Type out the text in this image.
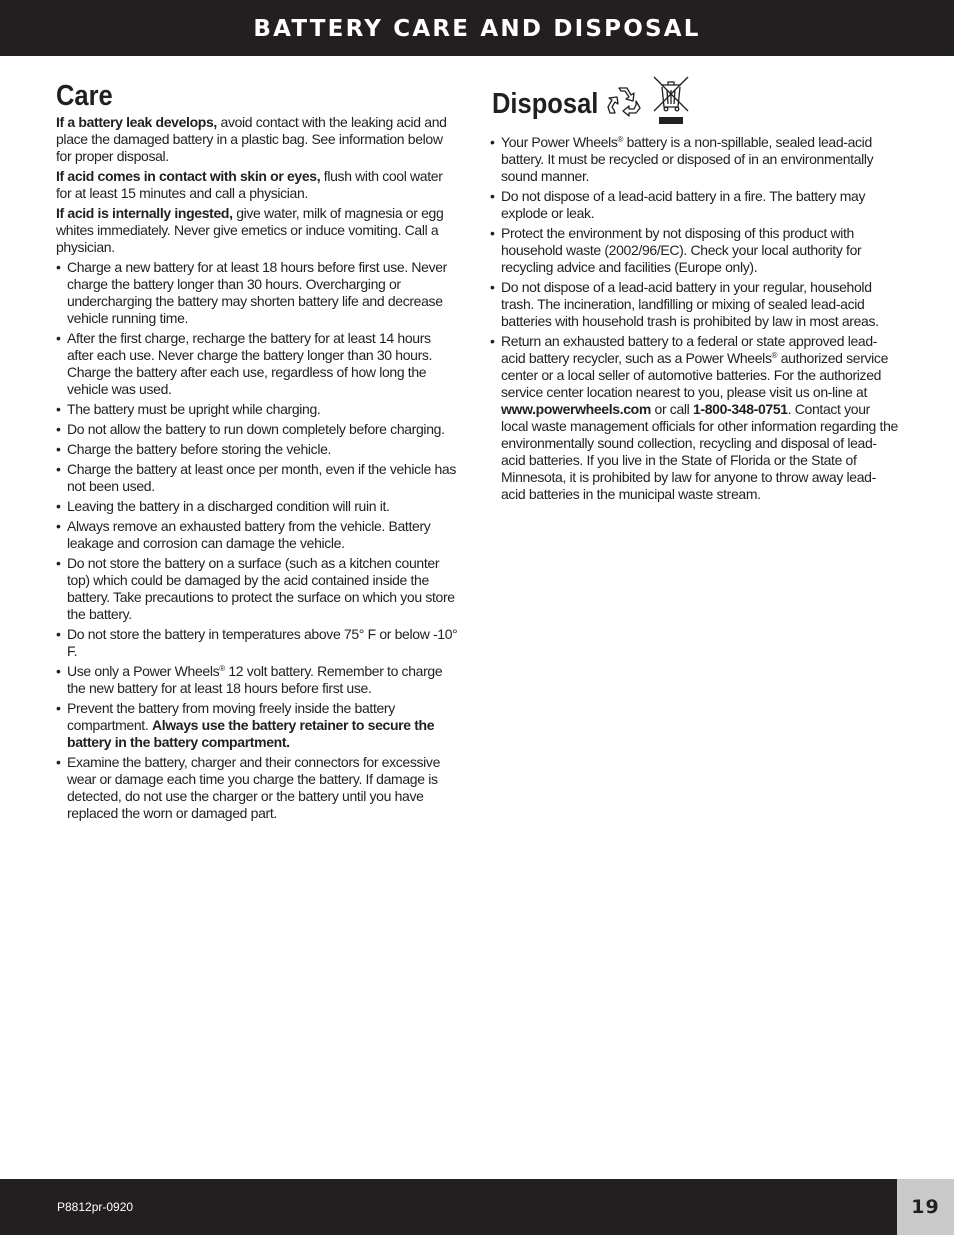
BATTERY CARE AND DISPOSAL
Care

If a battery leak develops, avoid contact with the leaking acid and place the damaged battery in a plastic bag. See information below for proper disposal.

If acid comes in contact with skin or eyes, flush with cool water for at least 15 minutes and call a physician.

If acid is internally ingested, give water, milk of magnesia or egg whites immediately. Never give emetics or induce vomiting. Call a physician.

• Charge a new battery for at least 18 hours before first use. Never charge the battery longer than 30 hours. Overcharging or undercharging the battery may shorten battery life and decrease vehicle running time.
• After the first charge, recharge the battery for at least 14 hours after each use. Never charge the battery longer than 30 hours. Charge the battery after each use, regardless of how long the vehicle was used.
• The battery must be upright while charging.
• Do not allow the battery to run down completely before charging.
• Charge the battery before storing the vehicle.
• Charge the battery at least once per month, even if the vehicle has not been used.
• Leaving the battery in a discharged condition will ruin it.
• Always remove an exhausted battery from the vehicle. Battery leakage and corrosion can damage the vehicle.
• Do not store the battery on a surface (such as a kitchen counter top) which could be damaged by the acid contained inside the battery. Take precautions to protect the surface on which you store the battery.
• Do not store the battery in temperatures above 75° F or below -10° F.
• Use only a Power Wheels® 12 volt battery. Remember to charge the new battery for at least 18 hours before first use.
• Prevent the battery from moving freely inside the battery compartment. Always use the battery retainer to secure the battery in the battery compartment.
• Examine the battery, charger and their connectors for excessive wear or damage each time you charge the battery. If damage is detected, do not use the charger or the battery until you have replaced the worn or damaged part.
Disposal
• Your Power Wheels® battery is a non-spillable, sealed lead-acid battery. It must be recycled or disposed of in an environmentally sound manner.
• Do not dispose of a lead-acid battery in a fire. The battery may explode or leak.
• Protect the environment by not disposing of this product with household waste (2002/96/EC). Check your local authority for recycling advice and facilities (Europe only).
• Do not dispose of a lead-acid battery in your regular, household trash. The incineration, landfilling or mixing of sealed lead-acid batteries with household trash is prohibited by law in most areas.
• Return an exhausted battery to a federal or state approved lead-acid battery recycler, such as a Power Wheels® authorized service center or a local seller of automotive batteries. For the authorized service center location nearest to you, please visit us on-line at www.powerwheels.com or call 1-800-348-0751. Contact your local waste management officials for other information regarding the environmentally sound collection, recycling and disposal of lead-acid batteries. If you live in the State of Florida or the State of Minnesota, it is prohibited by law for anyone to throw away lead-acid batteries in the municipal waste stream.
P8812pr-0920	19
